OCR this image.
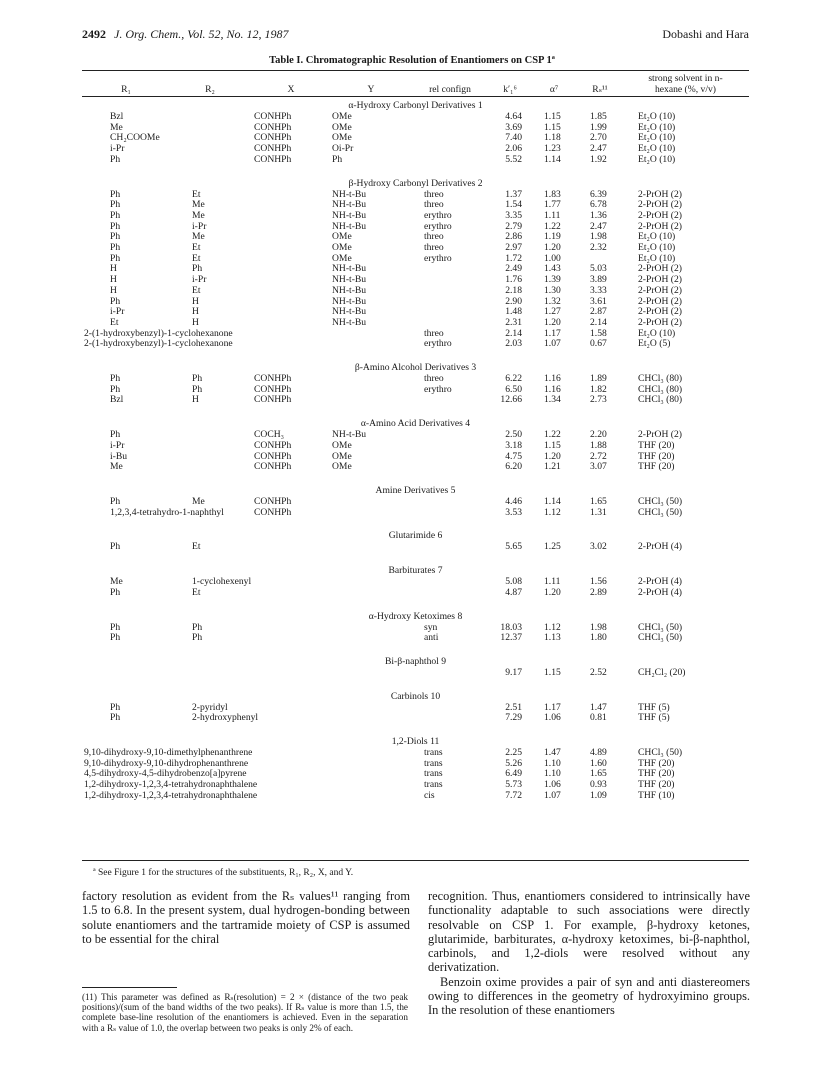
2492 J. Org. Chem., Vol. 52, No. 12, 1987	Dobashi and Hara
Table I. Chromatographic Resolution of Enantiomers on CSP 1ª
R₁	R₂	X	Y	rel confign	k′₁⁶	α⁷	Rₛ¹¹	strong solvent in n-hexane (%, v/v)
α-Hydroxy Carbonyl Derivatives 1								
Bzl		CONHPh	OMe		4.64	1.15	1.85	Et₂O (10)
Me		CONHPh	OMe		3.69	1.15	1.99	Et₂O (10)
CH₂COOMe		CONHPh	OMe		7.40	1.18	2.70	Et₂O (10)
i-Pr		CONHPh	Oi-Pr		2.06	1.23	2.47	Et₂O (10)
Ph		CONHPh	Ph		5.52	1.14	1.92	Et₂O (10)

β-Hydroxy Carbonyl Derivatives 2								
Ph	Et		NH-t-Bu	threo	1.37	1.83	6.39	2-PrOH (2)
Ph	Me		NH-t-Bu	threo	1.54	1.77	6.78	2-PrOH (2)
Ph	Me		NH-t-Bu	erythro	3.35	1.11	1.36	2-PrOH (2)
Ph	i-Pr		NH-t-Bu	erythro	2.79	1.22	2.47	2-PrOH (2)
Ph	Me		OMe	threo	2.86	1.19	1.98	Et₂O (10)
Ph	Et		OMe	threo	2.97	1.20	2.32	Et₂O (10)
Ph	Et		OMe	erythro	1.72	1.00		Et₂O (10)
H	Ph		NH-t-Bu		2.49	1.43	5.03	2-PrOH (2)
H	i-Pr		NH-t-Bu		1.76	1.39	3.89	2-PrOH (2)
H	Et		NH-t-Bu		2.18	1.30	3.33	2-PrOH (2)
Ph	H		NH-t-Bu		2.90	1.32	3.61	2-PrOH (2)
i-Pr	H		NH-t-Bu		1.48	1.27	2.87	2-PrOH (2)
Et	H		NH-t-Bu		2.31	1.20	2.14	2-PrOH (2)
2-(1-hydroxybenzyl)-1-cyclohexanone				threo	2.14	1.17	1.58	Et₂O (10)
2-(1-hydroxybenzyl)-1-cyclohexanone				erythro	2.03	1.07	0.67	Et₂O (5)

β-Amino Alcohol Derivatives 3								
Ph	Ph	CONHPh		threo	6.22	1.16	1.89	CHCl₃ (80)
Ph	Ph	CONHPh		erythro	6.50	1.16	1.82	CHCl₃ (80)
Bzl	H	CONHPh			12.66	1.34	2.73	CHCl₃ (80)

α-Amino Acid Derivatives 4								
Ph		COCH₃	NH-t-Bu		2.50	1.22	2.20	2-PrOH (2)
i-Pr		CONHPh	OMe		3.18	1.15	1.88	THF (20)
i-Bu		CONHPh	OMe		4.75	1.20	2.72	THF (20)
Me		CONHPh	OMe		6.20	1.21	3.07	THF (20)

Amine Derivatives 5								
Ph	Me	CONHPh			4.46	1.14	1.65	CHCl₃ (50)
1,2,3,4-tetrahydro-1-naphthyl		CONHPh			3.53	1.12	1.31	CHCl₃ (50)

Glutarimide 6								
Ph	Et				5.65	1.25	3.02	2-PrOH (4)

Barbiturates 7								
Me	1-cyclohexenyl				5.08	1.11	1.56	2-PrOH (4)
Ph	Et				4.87	1.20	2.89	2-PrOH (4)

α-Hydroxy Ketoximes 8								
Ph	Ph			syn	18.03	1.12	1.98	CHCl₃ (50)
Ph	Ph			anti	12.37	1.13	1.80	CHCl₃ (50)

Bi-β-naphthol 9								
					9.17	1.15	2.52	CH₂Cl₂ (20)

Carbinols 10								
Ph	2-pyridyl				2.51	1.17	1.47	THF (5)
Ph	2-hydroxyphenyl				7.29	1.06	0.81	THF (5)

1,2-Diols 11								
9,10-dihydroxy-9,10-dimethylphenanthrene				trans	2.25	1.47	4.89	CHCl₃ (50)
9,10-dihydroxy-9,10-dihydrophenanthrene				trans	5.26	1.10	1.60	THF (20)
4,5-dihydroxy-4,5-dihydrobenzo[a]pyrene				trans	6.49	1.10	1.65	THF (20)
1,2-dihydroxy-1,2,3,4-tetrahydronaphthalene				trans	5.73	1.06	0.93	THF (20)
1,2-dihydroxy-1,2,3,4-tetrahydronaphthalene				cis	7.72	1.07	1.09	THF (10)
ª See Figure 1 for the structures of the substituents, R₁, R₂, X, and Y.

factory resolution as evident from the Rₛ values¹¹ ranging from 1.5 to 6.8. In the present system, dual hydrogen-bonding between solute enantiomers and the tartramide moiety of CSP is assumed to be essential for the chiral

(11) This parameter was defined as Rₛ(resolution) = 2 × (distance of the two peak positions)/(sum of the band widths of the two peaks). If Rₛ value is more than 1.5, the complete base-line resolution of the enantiomers is achieved. Even in the separation with a Rₛ value of 1.0, the overlap between two peaks is only 2% of each.

recognition. Thus, enantiomers considered to intrinsically have functionality adaptable to such associations were directly resolvable on CSP 1. For example, β-hydroxy ketones, glutarimide, barbiturates, α-hydroxy ketoximes, bi-β-naphthol, carbinols, and 1,2-diols were resolved without any derivatization.

Benzoin oxime provides a pair of syn and anti diastereomers owing to differences in the geometry of hydroxyimino groups. In the resolution of these enantiomers
